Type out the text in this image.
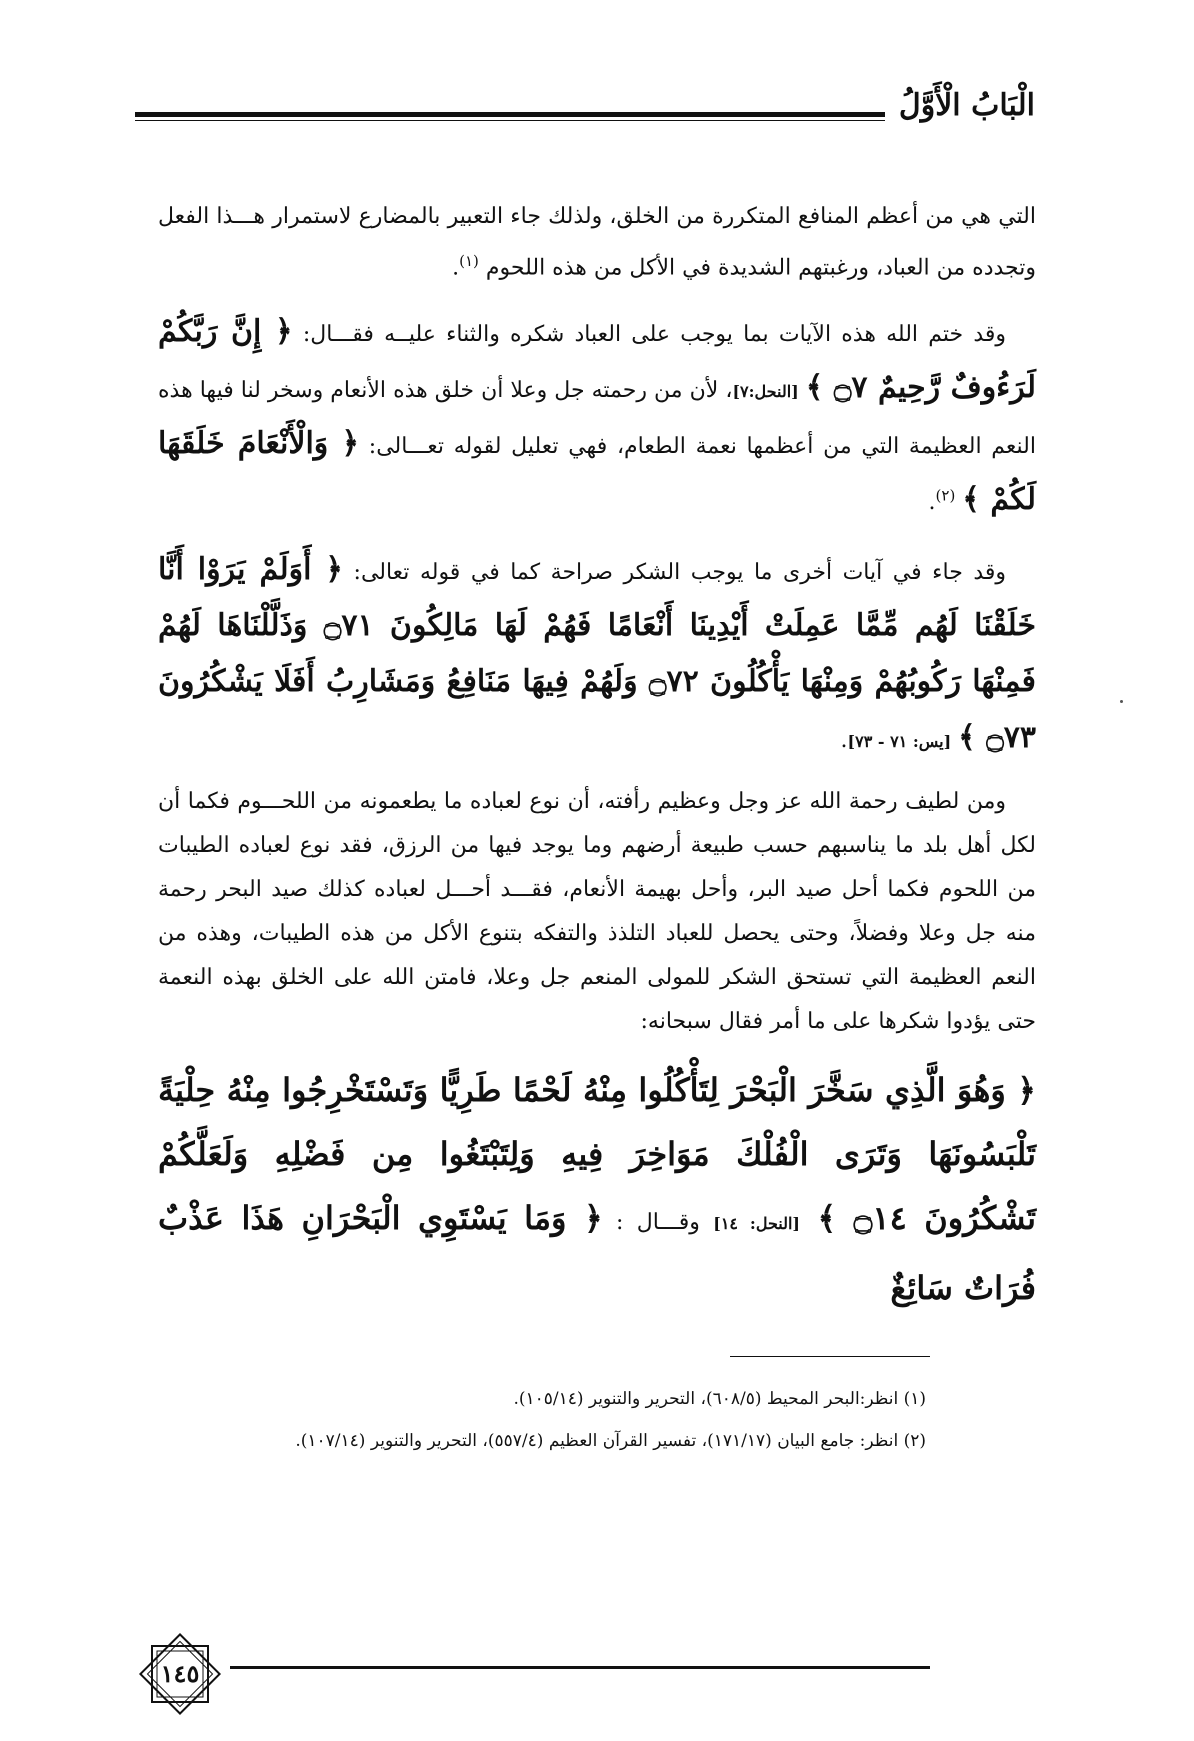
الْبَابُ الْأَوَّلُ

التي هي من أعظم المنافع المتكررة من الخلق، ولذلك جاء التعبير بالمضارع لاستمرار هـــذا الفعل وتجدده من العباد، ورغبتهم الشديدة في الأكل من هذه اللحوم $^{(١)}$.

وقد ختم الله هذه الآيات بما يوجب على العباد شكره والثناء عليــه فقـــال: ﴿ إِنَّ رَبَّكُمْ لَرَءُوفٌ رَّحِيمٌ ۝٧ ﴾ [النحل:٧]، لأن من رحمته جل وعلا أن خلق هذه الأنعام وسخر لنا فيها هذه النعم العظيمة التي من أعظمها نعمة الطعام، فهي تعليل لقوله تعـــالى: ﴿ وَالْأَنْعَامَ خَلَقَهَا لَكُمْ ﴾ $^{(٢)}$.

وقد جاء في آيات أخرى ما يوجب الشكر صراحة كما في قوله تعالى: ﴿ أَوَلَمْ يَرَوْا أَنَّا خَلَقْنَا لَهُم مِّمَّا عَمِلَتْ أَيْدِينَا أَنْعَامًا فَهُمْ لَهَا مَالِكُونَ ۝٧١ وَذَلَّلْنَاهَا لَهُمْ فَمِنْهَا رَكُوبُهُمْ وَمِنْهَا يَأْكُلُونَ ۝٧٢ وَلَهُمْ فِيهَا مَنَافِعُ وَمَشَارِبُ أَفَلَا يَشْكُرُونَ ۝٧٣ ﴾ [يس: ٧١ - ٧٣].

ومن لطيف رحمة الله عز وجل وعظيم رأفته، أن نوع لعباده ما يطعمونه من اللحـــوم فكما أن لكل أهل بلد ما يناسبهم حسب طبيعة أرضهم وما يوجد فيها من الرزق، فقد نوع لعباده الطيبات من اللحوم فكما أحل صيد البر، وأحل بهيمة الأنعام، فقـــد أحـــل لعباده كذلك صيد البحر رحمة منه جل وعلا وفضلاً، وحتى يحصل للعباد التلذذ والتفكه بتنوع الأكل من هذه الطيبات، وهذه من النعم العظيمة التي تستحق الشكر للمولى المنعم جل وعلا، فامتن الله على الخلق بهذه النعمة حتى يؤدوا شكرها على ما أمر فقال سبحانه:

﴿ وَهُوَ الَّذِي سَخَّرَ الْبَحْرَ لِتَأْكُلُوا مِنْهُ لَحْمًا طَرِيًّا وَتَسْتَخْرِجُوا مِنْهُ حِلْيَةً تَلْبَسُونَهَا وَتَرَى الْفُلْكَ مَوَاخِرَ فِيهِ وَلِتَبْتَغُوا مِن فَضْلِهِ وَلَعَلَّكُمْ تَشْكُرُونَ ۝١٤ ﴾ [النحل: ١٤] وقـــال : ﴿ وَمَا يَسْتَوِي الْبَحْرَانِ هَذَا عَذْبٌ فُرَاتٌ سَائِغٌ

(١) انظر:البحر المحيط (٦٠٨/٥)، التحرير والتنوير (١٠٥/١٤).

(٢) انظر: جامع البيان (١٧١/١٧)، تفسير القرآن العظيم (٥٥٧/٤)، التحرير والتنوير (١٠٧/١٤).

١٤٥
